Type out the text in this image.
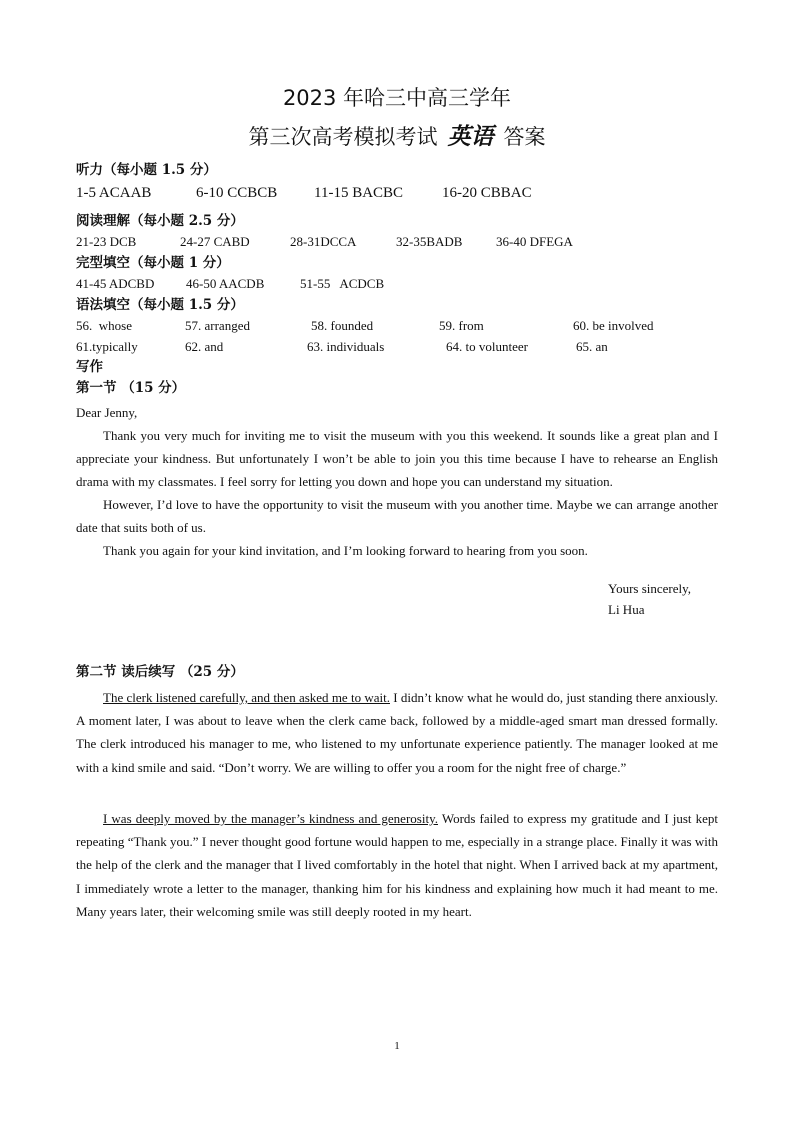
2023 年哈三中高三学年
第三次高考模拟考试 英语 答案
听力（每小题 1.5 分）
1-5 ACAAB	6-10 CCBCB 11-15 BACBC	16-20 CBBAC
阅读理解（每小题 2.5 分）
21-23 DCB	24-27 CABD	28-31DCCA	32-35BADB	36-40 DFEGA
完型填空（每小题 1 分）
41-45 ADCBD 46-50 AACDB	51-55   ACDCB
语法填空（每小题 1.5 分）
56.  whose	57. arranged	58. founded	59. from	60. be involved
61.typically	62. and	63. individuals	64. to volunteer	65. an
写作
第一节 （15 分）
Dear Jenny,
Thank you very much for inviting me to visit the museum with you this weekend. It sounds like a great plan and I appreciate your kindness. But unfortunately I won’t be able to join you this time because I have to rehearse an English drama with my classmates. I feel sorry for letting you down and hope you can understand my situation.
However, I’d love to have the opportunity to visit the museum with you another time. Maybe we can arrange another date that suits both of us.
Thank you again for your kind invitation, and I’m looking forward to hearing from you soon.
Yours sincerely,
Li Hua
第二节 读后续写 （25 分）
The clerk listened carefully, and then asked me to wait. I didn’t know what he would do, just standing there anxiously. A moment later, I was about to leave when the clerk came back, followed by a middle-aged smart man dressed formally. The clerk introduced his manager to me, who listened to my unfortunate experience patiently. The manager looked at me with a kind smile and said. “Don’t worry. We are willing to offer you a room for the night free of charge.”
I was deeply moved by the manager’s kindness and generosity. Words failed to express my gratitude and I just kept repeating “Thank you.” I never thought good fortune would happen to me, especially in a strange place. Finally it was with the help of the clerk and the manager that I lived comfortably in the hotel that night. When I arrived back at my apartment, I immediately wrote a letter to the manager, thanking him for his kindness and explaining how much it had meant to me. Many years later, their welcoming smile was still deeply rooted in my heart.
1
